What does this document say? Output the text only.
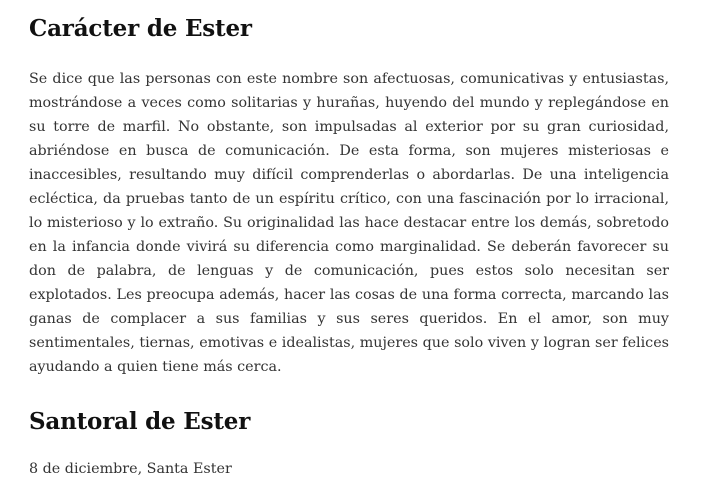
Carácter de Ester

Se dice que las personas con este nombre son afectuosas, comunicativas y entusiastas, mostrándose a veces como solitarias y hurañas, huyendo del mundo y replegándose en su torre de marfil. No obstante, son impulsadas al exterior por su gran curiosidad, abriéndose en busca de comunicación. De esta forma, son mujeres misteriosas e inaccesibles, resultando muy difícil comprenderlas o abordarlas. De una inteligencia ecléctica, da pruebas tanto de un espíritu crítico, con una fascinación por lo irracional, lo misterioso y lo extraño. Su originalidad las hace destacar entre los demás, sobretodo en la infancia donde vivirá su diferencia como marginalidad. Se deberán favorecer su don de palabra, de lenguas y de comunicación, pues estos solo necesitan ser explotados. Les preocupa además, hacer las cosas de una forma correcta, marcando las ganas de complacer a sus familias y sus seres queridos. En el amor, son muy sentimentales, tiernas, emotivas e idealistas, mujeres que solo viven y logran ser felices ayudando a quien tiene más cerca.

Santoral de Ester

8 de diciembre, Santa Ester
